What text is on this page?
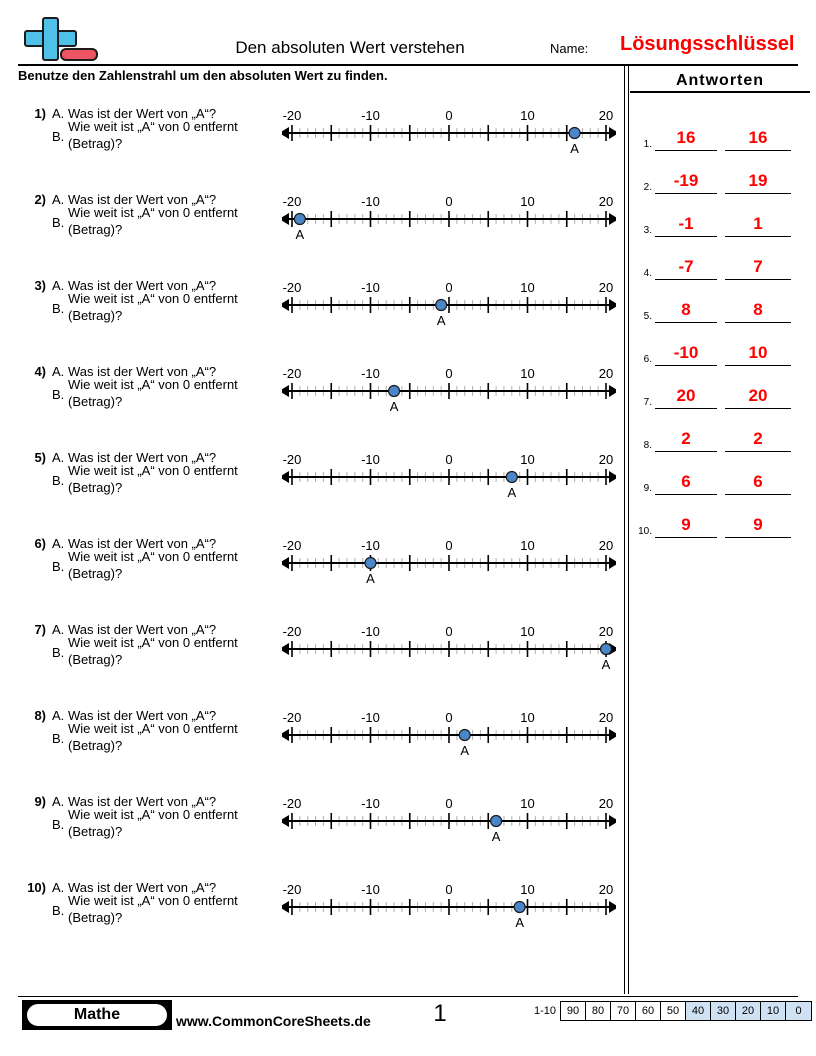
Den absoluten Wert verstehen	Name: Lösungsschlüssel
Benutze den Zahlenstrahl um den absoluten Wert zu finden.
1) A. Was ist der Wert von „A“?
B.
Wie weit ist „A“ von 0 entfernt
(Betrag)?
-20	-10	0	10	20
A
2) A. Was ist der Wert von „A“?
B.
Wie weit ist „A“ von 0 entfernt
(Betrag)?
-20	-10	0	10	20
A
3) A. Was ist der Wert von „A“?
B.
Wie weit ist „A“ von 0 entfernt
(Betrag)?
-20	-10	0	10	20
A
4) A. Was ist der Wert von „A“?
B.
Wie weit ist „A“ von 0 entfernt
(Betrag)?
-20	-10	0	10	20
A
5) A. Was ist der Wert von „A“?
B.
Wie weit ist „A“ von 0 entfernt
(Betrag)?
-20	-10	0	10	20
A
6) A. Was ist der Wert von „A“?
B.
Wie weit ist „A“ von 0 entfernt
(Betrag)?
-20	-10	0	10	20
A
7) A. Was ist der Wert von „A“?
B.
Wie weit ist „A“ von 0 entfernt
(Betrag)?
-20	-10	0	10	20
A
8) A. Was ist der Wert von „A“?
B.
Wie weit ist „A“ von 0 entfernt
(Betrag)?
-20	-10	0	10	20
A
9) A. Was ist der Wert von „A“?
B.
Wie weit ist „A“ von 0 entfernt
(Betrag)?
-20	-10	0	10	20
A
10) A. Was ist der Wert von „A“?
B.
Wie weit ist „A“ von 0 entfernt
(Betrag)?
-20	-10	0	10	20
A
Antworten
1.	16	16
2.	-19	19
3.	-1	1
4.	-7	7
5.	8	8
6.	-10	10
7.	20	20
8.	2	2
9.	6	6
10.	9	9
Mathe	www.CommonCoreSheets.de	1	1-10 90	80	70	60	50	40	30	20	10	0
